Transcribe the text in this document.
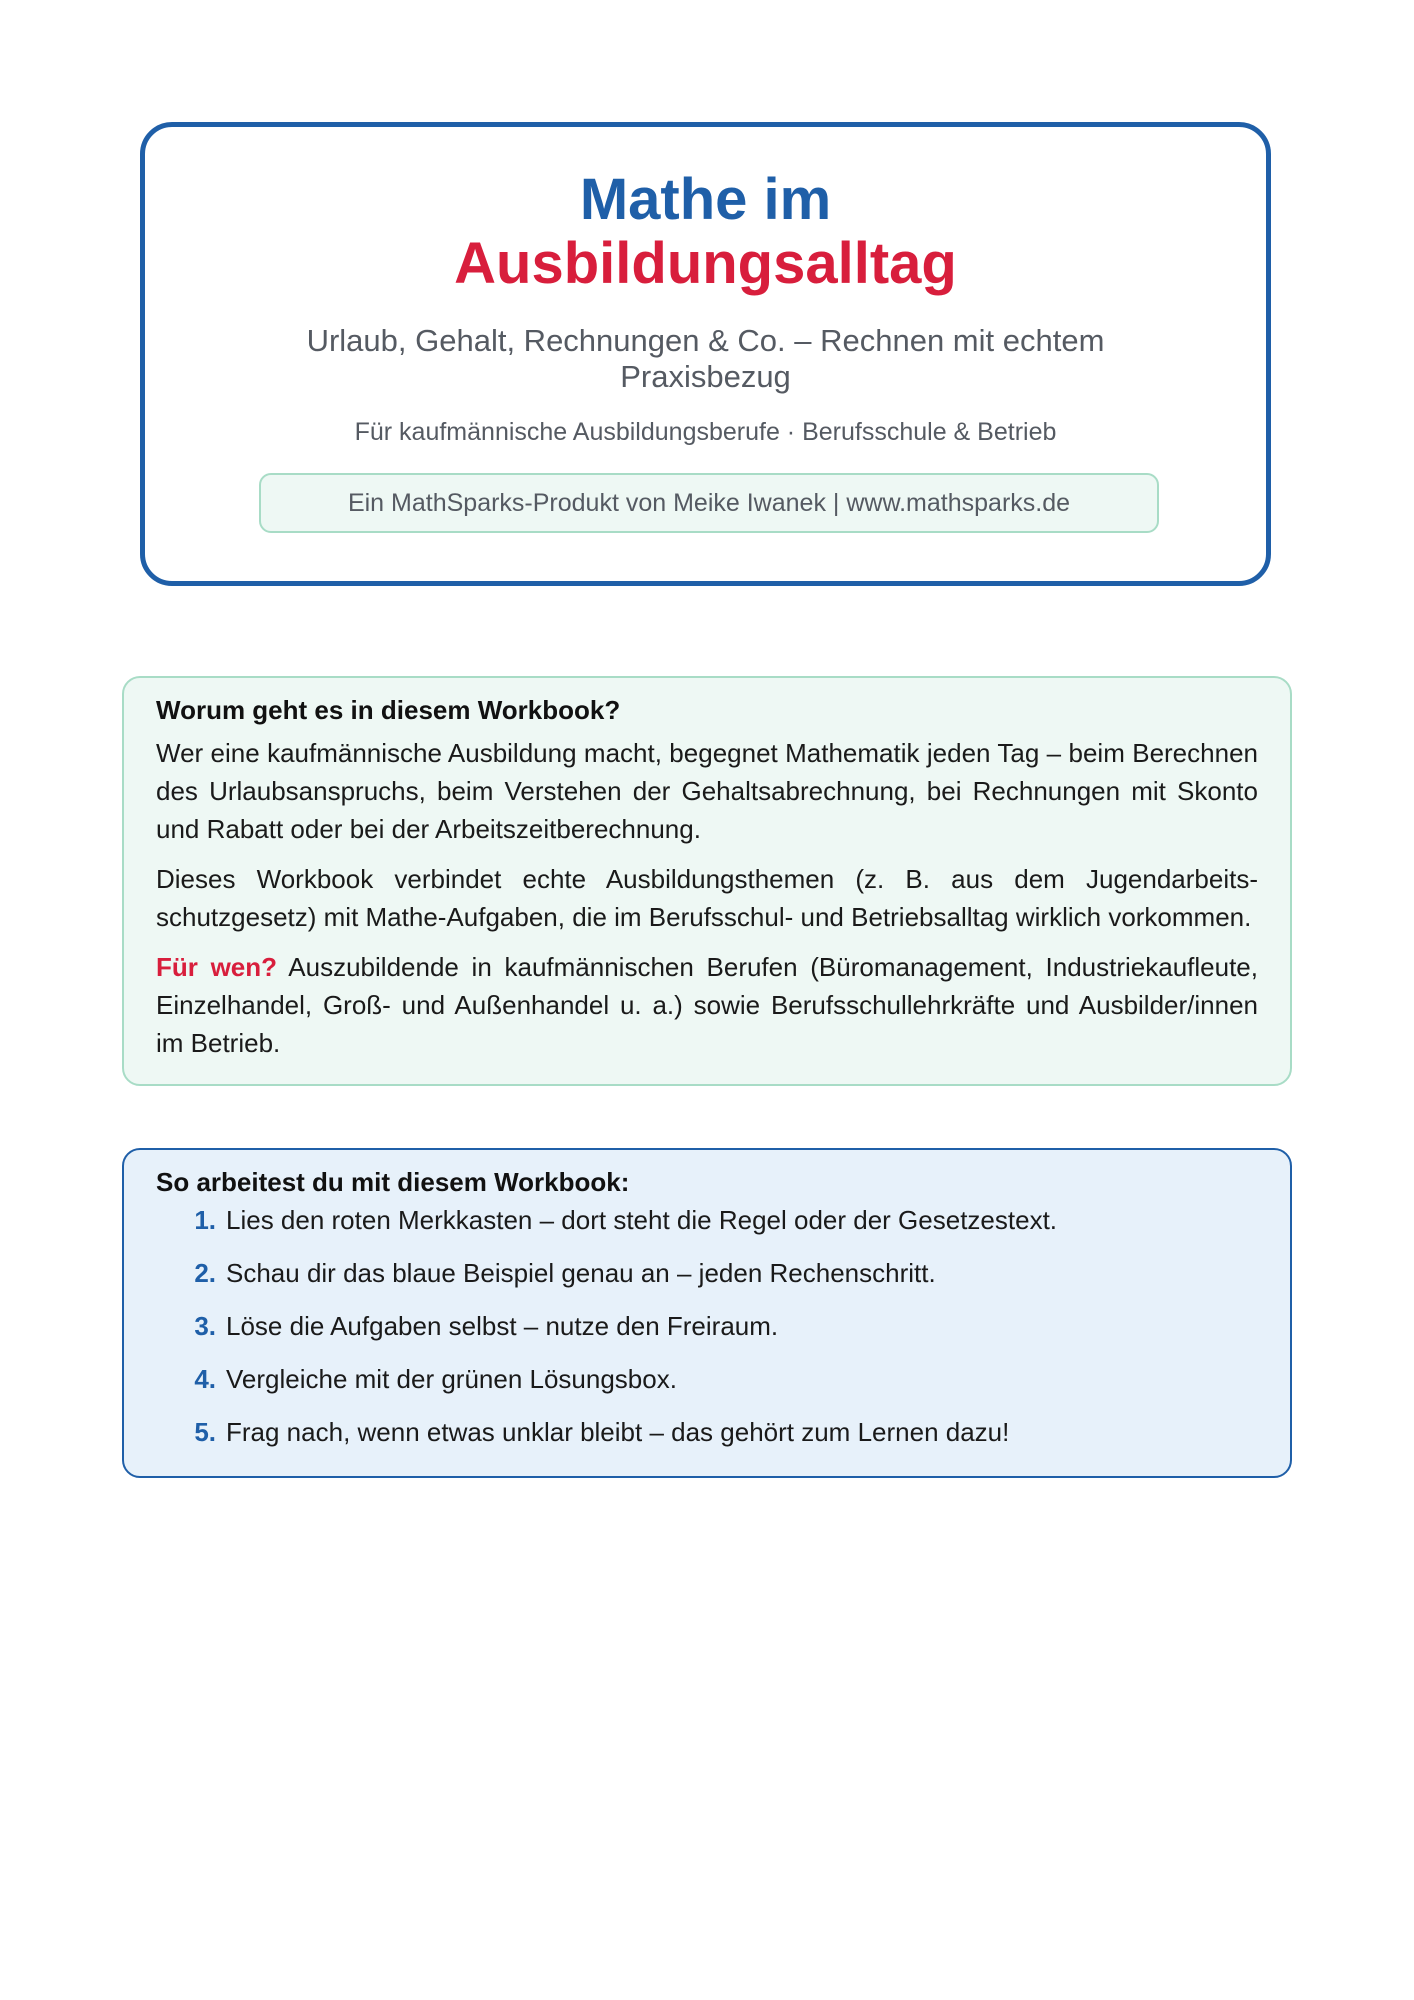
Mathe im
Ausbildungsalltag
Urlaub, Gehalt, Rechnungen & Co. – Rechnen mit echtem Praxisbezug
Für kaufmännische Ausbildungsberufe · Berufsschule & Betrieb
Ein MathSparks-Produkt von Meike Iwanek | www.mathsparks.de

Worum geht es in diesem Workbook?

Wer eine kaufmännische Ausbildung macht, begegnet Mathematik jeden Tag – beim Berechnen des Urlaubsanspruchs, beim Verstehen der Gehaltsabrechnung, bei Rechnungen mit Skonto und Rabatt oder bei der Arbeitszeitberechnung.

Dieses Workbook verbindet echte Ausbildungsthemen (z. B. aus dem Jugendarbeitsschutzgesetz) mit Mathe-Aufgaben, die im Berufsschul- und Betriebsalltag wirklich vorkommen.

Für wen? Auszubildende in kaufmännischen Berufen (Büromanagement, Industriekaufleute, Einzelhandel, Groß- und Außenhandel u. a.) sowie Berufsschullehrkräfte und Ausbilder/innen im Betrieb.

So arbeitest du mit diesem Workbook:

1. Lies den roten Merkkasten – dort steht die Regel oder der Gesetzestext.
2. Schau dir das blaue Beispiel genau an – jeden Rechenschritt.
3. Löse die Aufgaben selbst – nutze den Freiraum.
4. Vergleiche mit der grünen Lösungsbox.
5. Frag nach, wenn etwas unklar bleibt – das gehört zum Lernen dazu!
